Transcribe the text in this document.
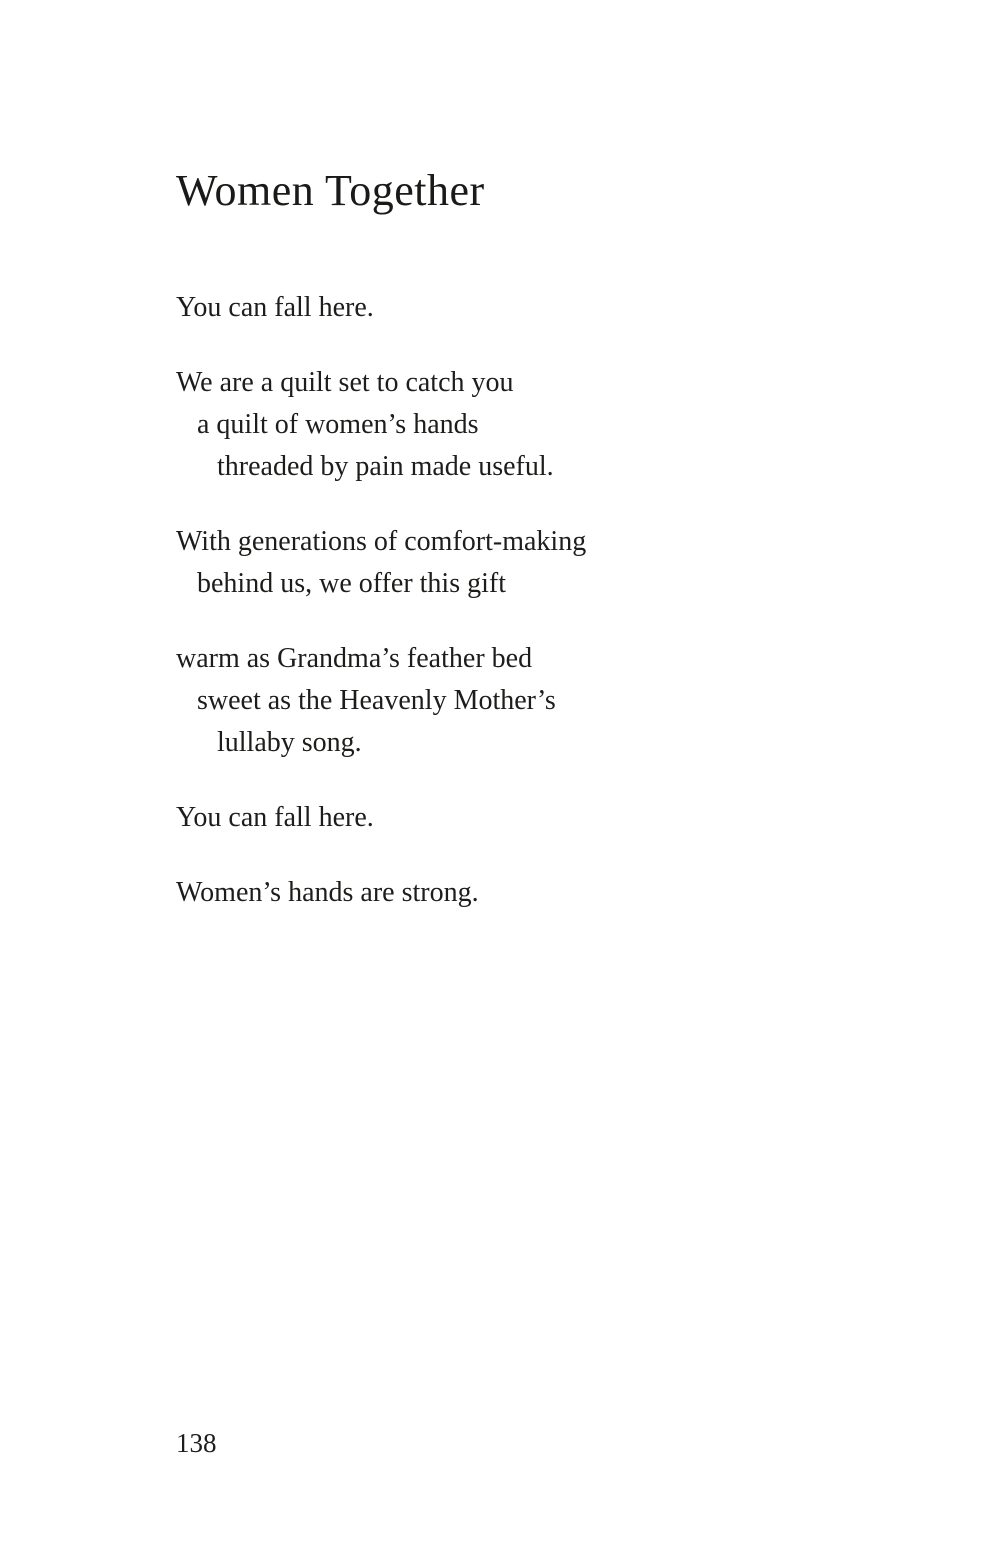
Women Together
You can fall here.
We are a quilt set to catch you
a quilt of women’s hands
threaded by pain made useful.
With generations of comfort-making
behind us, we offer this gift
warm as Grandma’s feather bed
sweet as the Heavenly Mother’s
lullaby song.
You can fall here.
Women’s hands are strong.
138
